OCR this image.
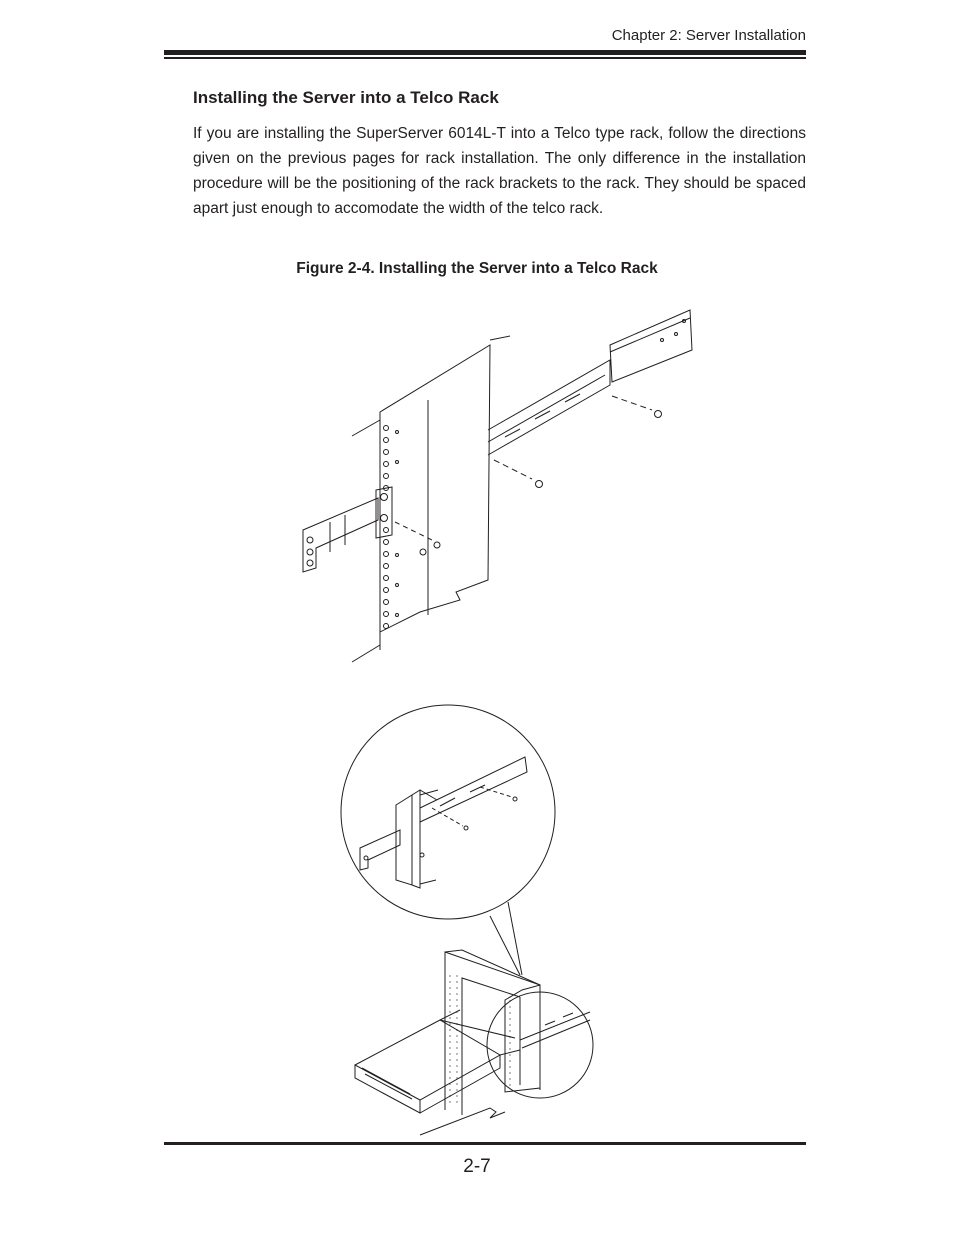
Chapter 2: Server Installation
Installing the Server into a Telco Rack
If you are installing the SuperServer 6014L-T into a Telco type rack, follow the directions given on the previous pages for rack installation. The only difference in the installation procedure will be the positioning of the rack brackets to the rack. They should be spaced apart just enough to accomodate the width of the telco rack.
Figure 2-4. Installing the Server into a Telco Rack
2-7
